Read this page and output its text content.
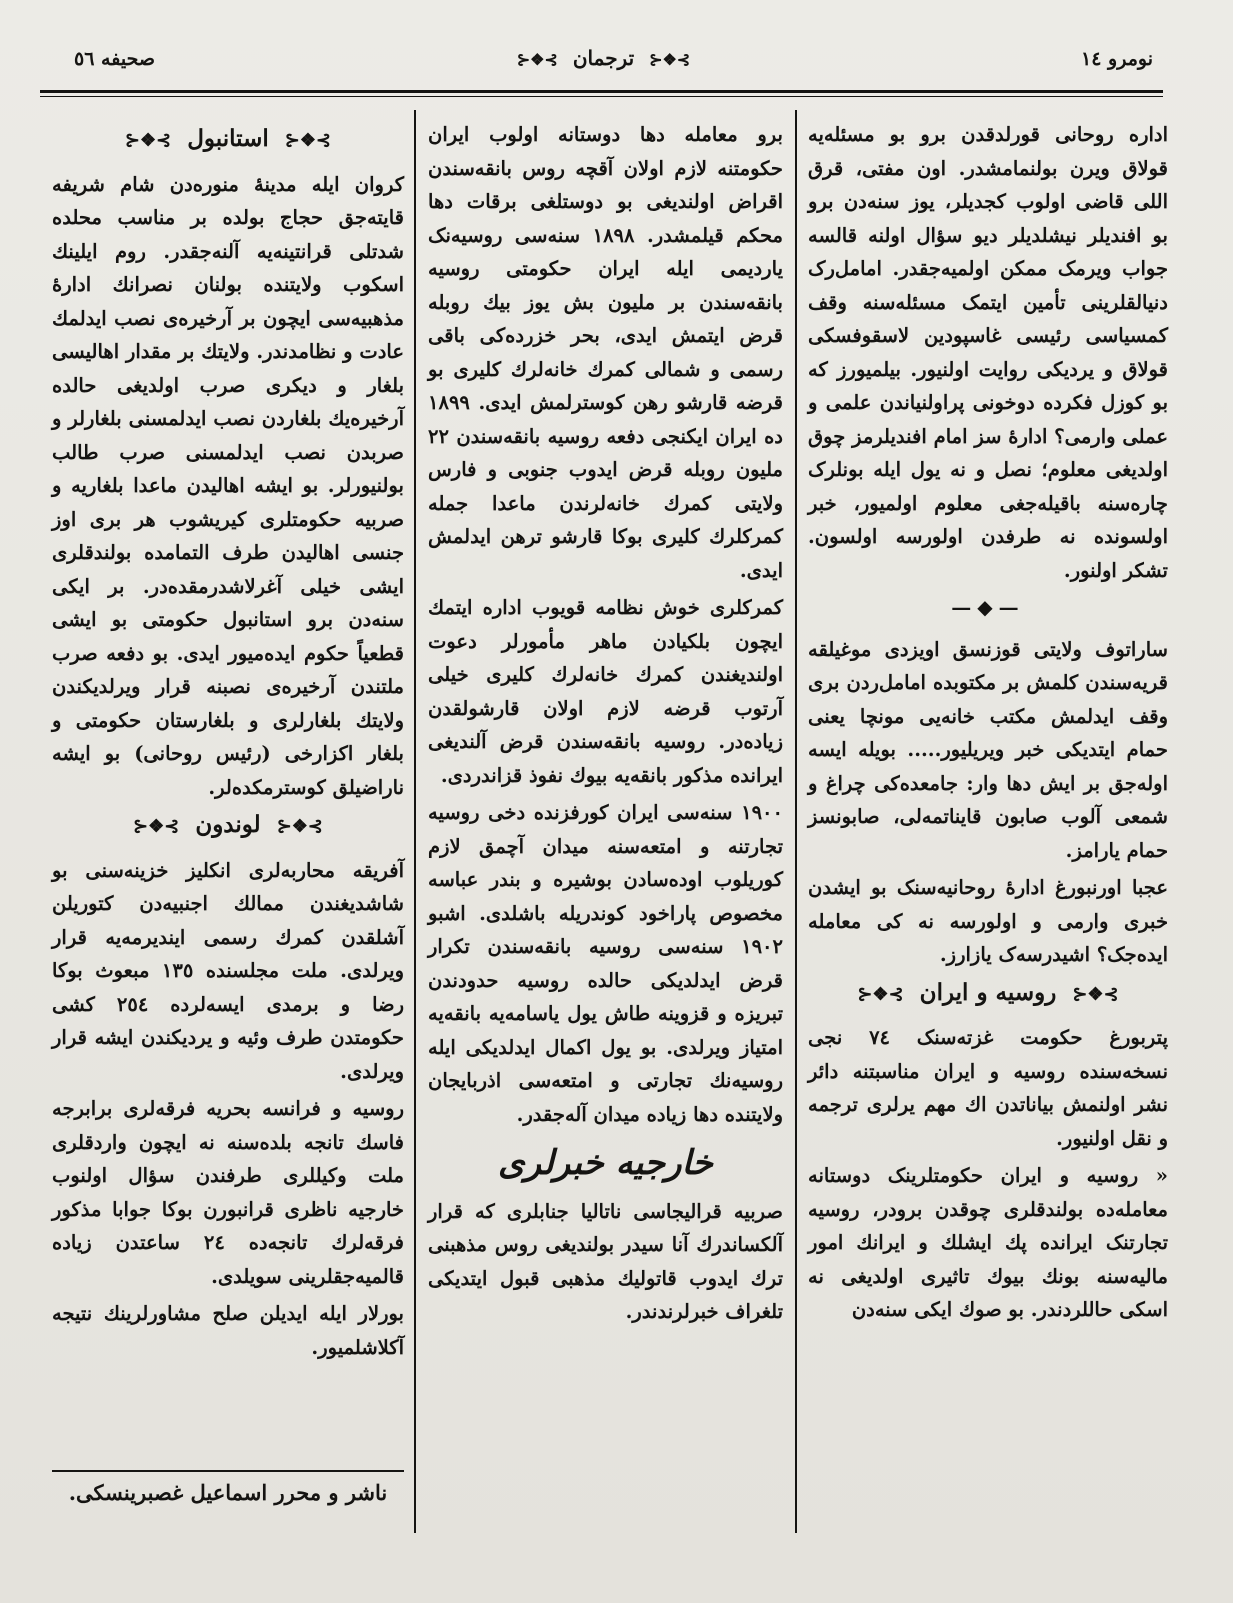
نومرو ١٤
⊱❖⊰ ترجمان ⊱❖⊰
صحیفه ٥٦

اداره روحانی قورلدقدن برو بو مسئله‌یه قولاق ویرن بولنمامشدر. اون مفتی، قرق اللی قاضی اولوب کجدیلر، یوز سنه‌دن برو بو افندیلر نیشلدیلر دیو سؤال اولنه قالسه جواب ویرمک ممکن اولمیه‌جقدر. امامل‌رک دنیالقلرینی تأمین ایتمک مسئله‌سنه وقف کمسیاسی رئیسی غاسپودین لاسقوفسکی قولاق و یردیکی روایت اولنیور. بیلمیورز که بو کوزل فکرده دوخونی پراولنیاندن علمی و عملی وارمی؟ ادارهٔ سز امام افندیلرمز چوق اولدیغی معلوم؛ نصل و نه یول ایله بونلرک چاره‌سنه باقیله‌جغی معلوم اولمیور، خبر اولسونده نه طرفدن اولورسه اولسون. تشکر اولنور.

—◆—

ساراتوف ولایتی قوزنسق اویزدی موغیلقه قریه‌سندن کلمش بر مکتوبده امامل‌ردن بری وقف ایدلمش مکتب خانه‌یی مونچا یعنی حمام ایتدیکی خبر ویریلیور..... بویله ایسه اوله‌جق بر ایش دها وار: جامعده‌کی چراغ و شمعی آلوب صابون قایناتمه‌لی، صابونسز حمام یارامز.

عجبا اورنبورغ ادارهٔ روحانیه‌سنک بو ایشدن خبری وارمی و اولورسه نه کی معامله ایده‌جک؟ اشیدرسه‌ک یازارز.

⊱❖⊰ روسیه و ایران ⊱❖⊰

پتربورغ حکومت غزته‌سنک ٧٤ نجی نسخه‌سنده روسیه و ایران مناسبتنه دائر نشر اولنمش بیاناتدن اك مهم یرلری ترجمه و نقل اولنیور.

« روسیه و ایران حکومتلرینک دوستانه معامله‌ده بولندقلری چوقدن برودر، روسیه تجارتنک ایرانده پك ایشلك و ایرانك امور مالیه‌سنه بونك بیوك تاثیری اولدیغی نه اسکی حاللردندر. بو صوك ایکی سنه‌دن

برو معامله دها دوستانه اولوب ایران حکومتنه لازم اولان آقچه روس بانقه‌سندن اقراض اولندیغی بو دوستلغی برقات دها محکم قیلمشدر. ١٨٩٨ سنه‌سی روسیه‌نک یاردیمی ایله ایران حکومتی روسیه بانقه‌سندن بر ملیون بش یوز بیك روبله قرض ایتمش ایدی، بحر خزرده‌کی باقی رسمی و شمالی کمرك خانه‌لرك کلیری بو قرضه قارشو رهن کوسترلمش ایدی. ١٨٩٩ ده ایران ایکنجی دفعه روسیه بانقه‌سندن ٢٢ ملیون روبله قرض ایدوب جنوبی و فارس ولایتی کمرك خانه‌لرندن ماعدا جمله کمرکلرك کلیری بوکا قارشو ترهن ایدلمش ایدی.

کمرکلری خوش نظامه قویوب اداره ایتمك ایچون بلکیادن ماهر مأمورلر دعوت اولندیغندن کمرك خانه‌لرك کلیری خیلی آرتوب قرضه لازم اولان قارشولقدن زیاده‌در. روسیه بانقه‌سندن قرض آلندیغی ایرانده مذکور بانقه‌یه بیوك نفوذ قزاندردی.

١٩٠٠ سنه‌سی ایران کورفزنده دخی روسیه تجارتنه و امتعه‌سنه میدان آچمق لازم کوریلوب اوده‌سادن بوشیره و بندر عباسه مخصوص پاراخود کوندریله باشلدی. اشبو ١٩٠٢ سنه‌سی روسیه بانقه‌سندن تکرار قرض ایدلدیکی حالده روسیه حدودندن تبریزه و قزوینه طاش یول یاسامه‌یه بانقه‌یه امتیاز ویرلدی. بو یول اکمال ایدلدیکی ایله روسیه‌نك تجارتی و امتعه‌سی اذربایجان ولایتنده دها زیاده میدان آله‌جقدر.

خارجیه خبرلری

صربیه قرالیجاسی ناتالیا جنابلری که قرار آلکساندرك آنا سیدر بولندیغی روس مذهبنی ترك ایدوب قاتولیك مذهبی قبول ایتدیکی تلغراف خبرلرندندر.

⊱❖⊰ استانبول ⊱❖⊰

کروان ایله مدینهٔ منوره‌دن شام شریفه قایته‌جق حجاج بولده بر مناسب محلده شدتلی قرانتینه‌یه آلنه‌جقدر. روم ایلینك اسکوب ولایتنده بولنان نصرانك ادارهٔ مذهبیه‌سی ایچون بر آرخیره‌ی نصب ایدلمك عادت و نظامدندر. ولایتك بر مقدار اهالیسی بلغار و دیکری صرب اولدیغی حالده آرخیره‌یك بلغاردن نصب ایدلمسنی بلغارلر و صربدن نصب ایدلمسنی صرب طالب بولنیورلر. بو ایشه اهالیدن ماعدا بلغاریه و صربیه حکومتلری کیریشوب هر بری اوز جنسی اهالیدن طرف التمامده بولندقلری ایشی خیلی آغرلاشدرمقده‌در. بر ایکی سنه‌دن برو استانبول حکومتی بو ایشی قطعیاً حکوم ایده‌میور ایدی. بو دفعه صرب ملتندن آرخیره‌ی نصبنه قرار ویرلدیکندن ولایتك بلغارلری و بلغارستان حکومتی و بلغار اکزارخی (رئیس روحانی) بو ایشه ناراضیلق کوسترمکده‌لر.

⊱❖⊰ لوندون ⊱❖⊰

آفریقه محاربه‌لری انکلیز خزینه‌سنی بو شاشدیغندن ممالك اجنبیه‌دن کتوریلن آشلقدن کمرك رسمی ایندیرمه‌یه قرار ویرلدی. ملت مجلسنده ١٣٥ مبعوث بوکا رضا و برمدی ایسه‌لرده ٢٥٤ کشی حکومتدن طرف وئیه و یردیکندن ایشه قرار ویرلدی.

روسیه و فرانسه بحریه فرقه‌لری برابرجه فاسك تانجه بلده‌سنه نه ایچون واردقلری ملت وکیللری طرفندن سؤال اولنوب خارجیه ناظری قرانبورن بوکا جوابا مذکور فرقه‌لرك تانجه‌ده ٢٤ ساعتدن زیاده قالمیه‌جقلرینی سویلدی.

بورلار ایله ایدیلن صلح مشاورلرینك نتیجه آکلاشلمیور.

ناشر و محرر اسماعیل غصبرینسکی.
